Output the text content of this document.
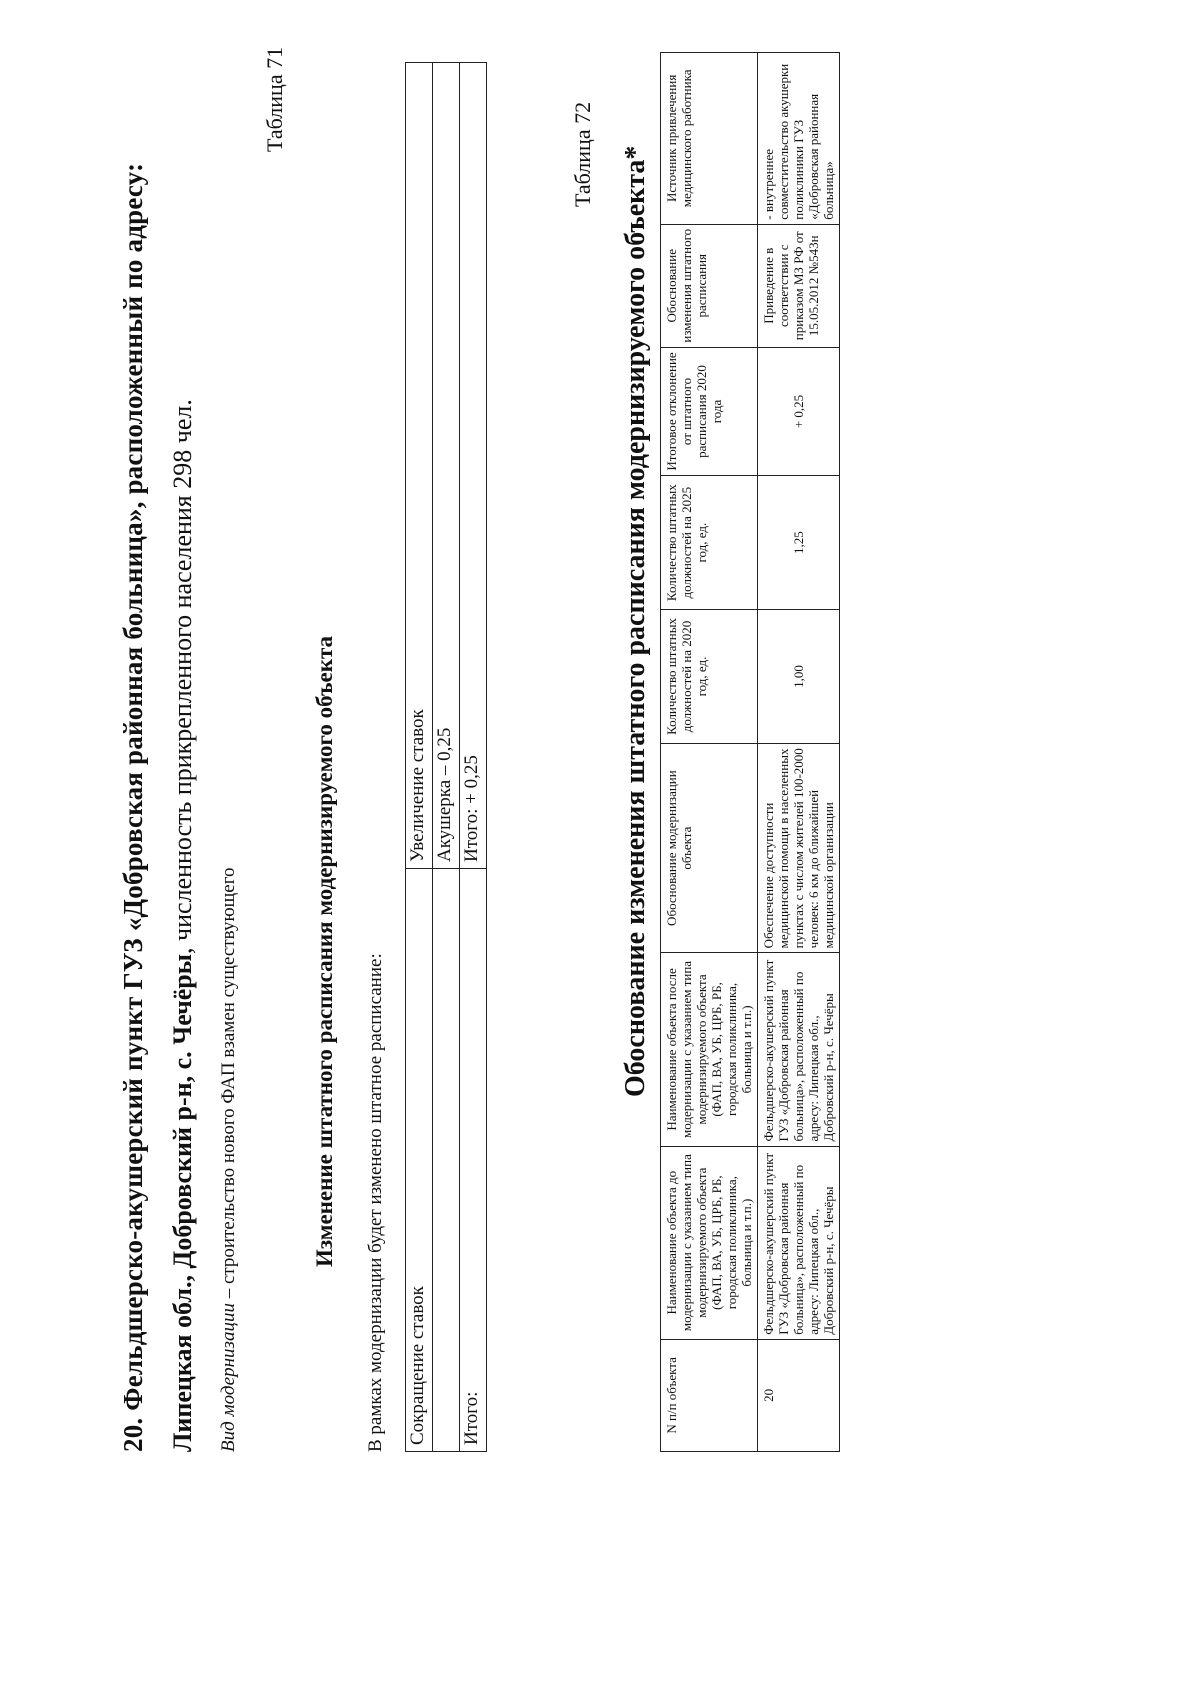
20. Фельдшерско-акушерский пункт ГУЗ «Добровская районная больница», расположенный по адресу: Липецкая обл., Добровский р-н, с. Чечёры, численность прикрепленного населения 298 чел.
Вид модернизации – строительство нового ФАП взамен существующего
Таблица 71
Изменение штатного расписания модернизируемого объекта В рамках модернизации будет изменено штатное расписание: Сокращение ставок	Увеличение ставок
	Акушерка – 0,25
Итого:	Итого: + 0,25
Таблица 72 Обоснование изменения штатного расписания модернизируемого объекта*
N п/п объекта	Наименование объекта до модернизации с указанием типа модернизируемого объекта (ФАП, ВА, УБ, ЦРБ, РБ, городская поликлиника, больница и т.п.)	Наименование объекта после модернизации с указанием типа модернизируемого объекта (ФАП, ВА, УБ, ЦРБ, РБ, городская поликлиника, больница и т.п.)	Обоснование модернизации объекта	Количество штатных должностей на 2020 год, ед.	Количество штатных должностей на 2025 год, ед.	Итоговое отклонение от штатного расписания 2020 года	Обоснование изменения штатного расписания	Источник привлечения медицинского работника
20	Фельдшерско-акушерский пункт ГУЗ «Добровская районная больница», расположенный по адресу: Липецкая обл., Добровский р-н, с. Чечёры	Фельдшерско-акушерский пункт ГУЗ «Добровская районная больница», расположенный по адресу: Липецкая обл., Добровский р-н, с. Чечёры	Обеспечение доступности медицинской помощи в населенных пунктах с числом жителей 100-2000 человек: 6 км до ближайшей медицинской организации	1,00	1,25	+ 0,25	Приведение в соответствии с приказом МЗ РФ от 15.05.2012 №543н	- внутреннее совместительство акушерки поликлиники ГУЗ «Добровская районная больница»
